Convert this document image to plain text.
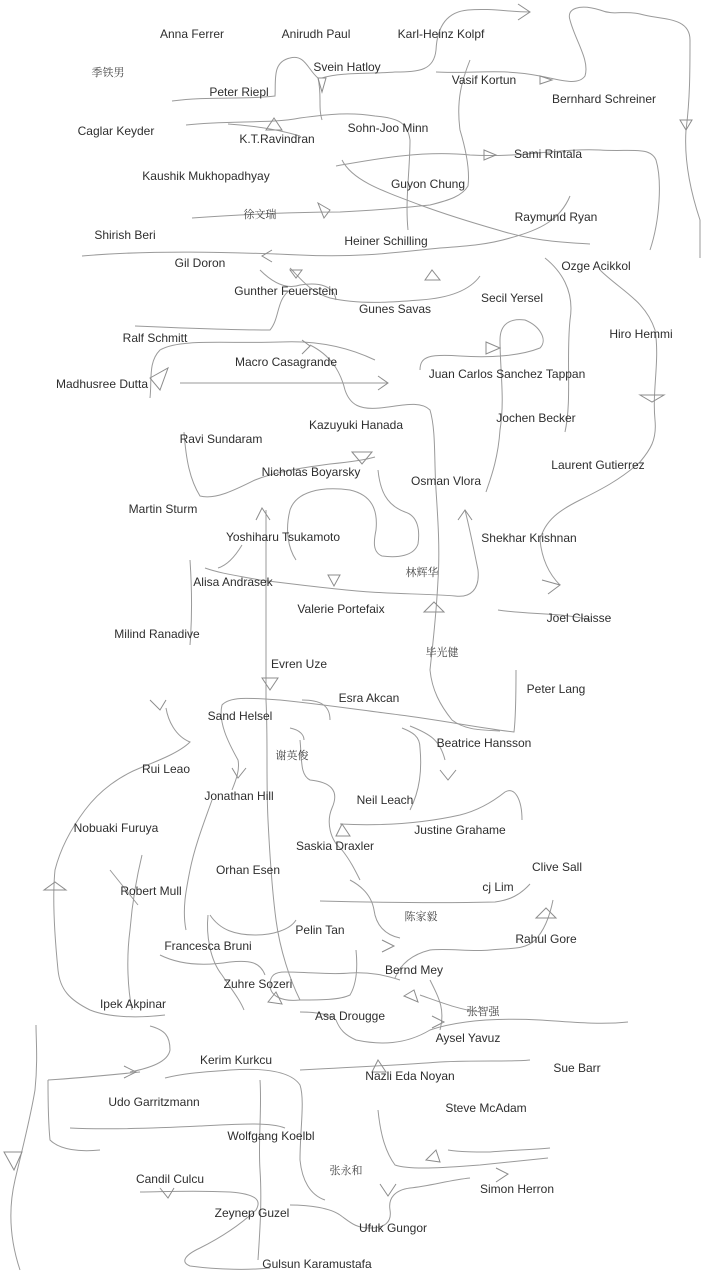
Anna Ferrer	Anirudh Paul	Karl-Heinz Kolpf
Svein Hatloy
季铁男
Vasif Kortun
Peter Riepl	Bernhard Schreiner
Caglar Keyder	Sohn-Joo Minn
K.T.Ravindran
Sami Rintala
Kaushik Mukhopadhyay
Guyon Chung
徐文瑞	Raymund Ryan
Shirish Beri	Heiner Schilling
Gil Doron	Ozge Acikkol
Gunther Feuerstein	Secil Yersel
Gunes Savas
Ralf Schmitt	Hiro Hemmi
Macro Casagrande
Juan Carlos Sanchez Tappan
Madhusree Dutta
Jochen Becker
Kazuyuki Hanada
Ravi Sundaram
Laurent Gutierrez
Nicholas Boyarsky
Osman Vlora
Martin Sturm
Yoshiharu Tsukamoto	Shekhar Krishnan
林辉华
Alisa Andrasek
Valerie Portefaix
Joel Claisse
Milind Ranadive
毕光健
Evren Uze
Peter Lang
Esra Akcan
Sand Helsel
Beatrice Hansson
谢英俊
Rui Leao
Jonathan Hill	Neil Leach
Nobuaki Furuya	Justine Grahame
Saskia Draxler
Clive Sall
Orhan Esen
cj Lim
Robert Mull
陈家毅
Pelin Tan
Rahul Gore
Francesca Bruni
Bernd Mey
Zuhre Sozeri
Ipek Akpinar
张智强
Asa Drougge
Aysel Yavuz
Kerim Kurkcu
Sue Barr
Nazli Eda Noyan
Udo Garritzmann	Steve McAdam
Wolfgang Koelbl
张永和
Candil Culcu
Simon Herron
Zeynep Guzel
Ufuk Gungor
Gulsun Karamustafa
